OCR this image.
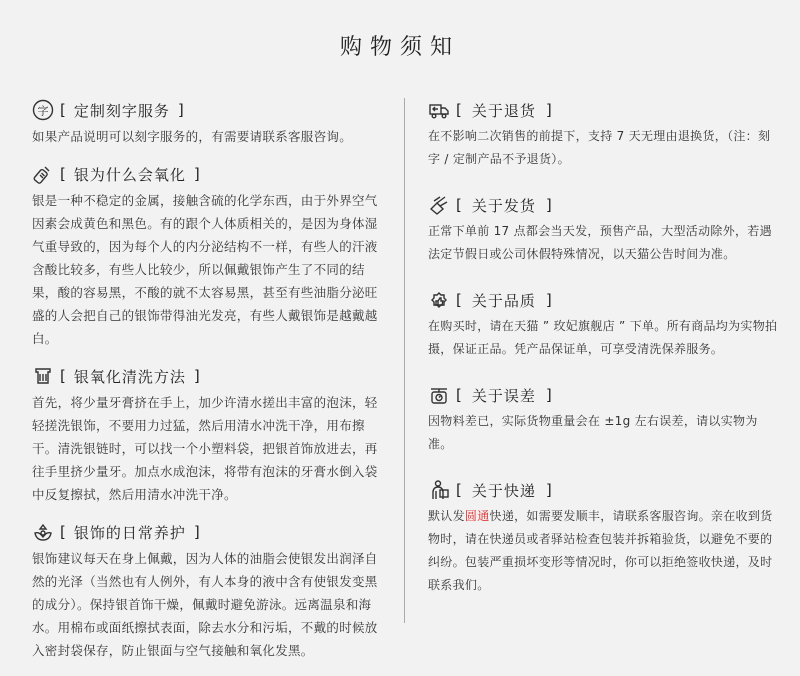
购物须知
字 [ 定制刻字服务 ]
如果产品说明可以刻字服务的，有需要请联系客服咨询。
[ 银为什么会氧化 ]
银是一种不稳定的金属，接触含硫的化学东西，由于外界空气因素会成黄色和黑色。有的跟个人体质相关的，是因为身体湿气重导致的，因为每个人的内分泌结构不一样，有些人的汗液含酸比较多，有些人比较少，所以佩戴银饰产生了不同的结果，酸的容易黑，不酸的就不太容易黑，甚至有些油脂分泌旺盛的人会把自己的银饰带得油光发亮，有些人戴银饰是越戴越白。
[ 银氧化清洗方法 ]
首先，将少量牙膏挤在手上，加少许清水搓出丰富的泡沫，轻轻搓洗银饰，不要用力过猛，然后用清水冲洗干净，用布擦干。清洗银链时，可以找一个小塑料袋，把银首饰放进去，再往手里挤少量牙。加点水成泡沫，将带有泡沫的牙膏水倒入袋中反复擦拭，然后用清水冲洗干净。
[ 银饰的日常养护 ]
银饰建议每天在身上佩戴，因为人体的油脂会使银发出润泽自然的光泽（当然也有人例外，有人本身的液中含有使银发变黑的成分）。保持银首饰干燥，佩戴时避免游泳。远离温泉和海水。用棉布或面纸擦拭表面，除去水分和污垢，不戴的时候放入密封袋保存，防止银面与空气接触和氧化发黑。
[ 关于退货 ]
在不影响二次销售的前提下，支持 7 天无理由退换货，（注：刻字 / 定制产品不予退货）。
[ 关于发货 ]
正常下单前 17 点都会当天发，预售产品，大型活动除外，若遇法定节假日或公司休假特殊情况，以天猫公告时间为准。
[ 关于品质 ]
在购买时，请在天猫 ” 玫妃旗舰店 ” 下单。所有商品均为实物拍摄，保证正品。凭产品保证单，可享受清洗保养服务。
[ 关于误差 ]
因物料差已，实际货物重量会在 ±1g 左右误差，请以实物为准。
[ 关于快递 ]
默认发圆通快递，如需要发顺丰，请联系客服咨询。亲在收到货物时，请在快递员或者驿站检查包装并拆箱验货，以避免不要的纠纷。包装严重损坏变形等情况时，你可以拒绝签收快递，及时联系我们。
